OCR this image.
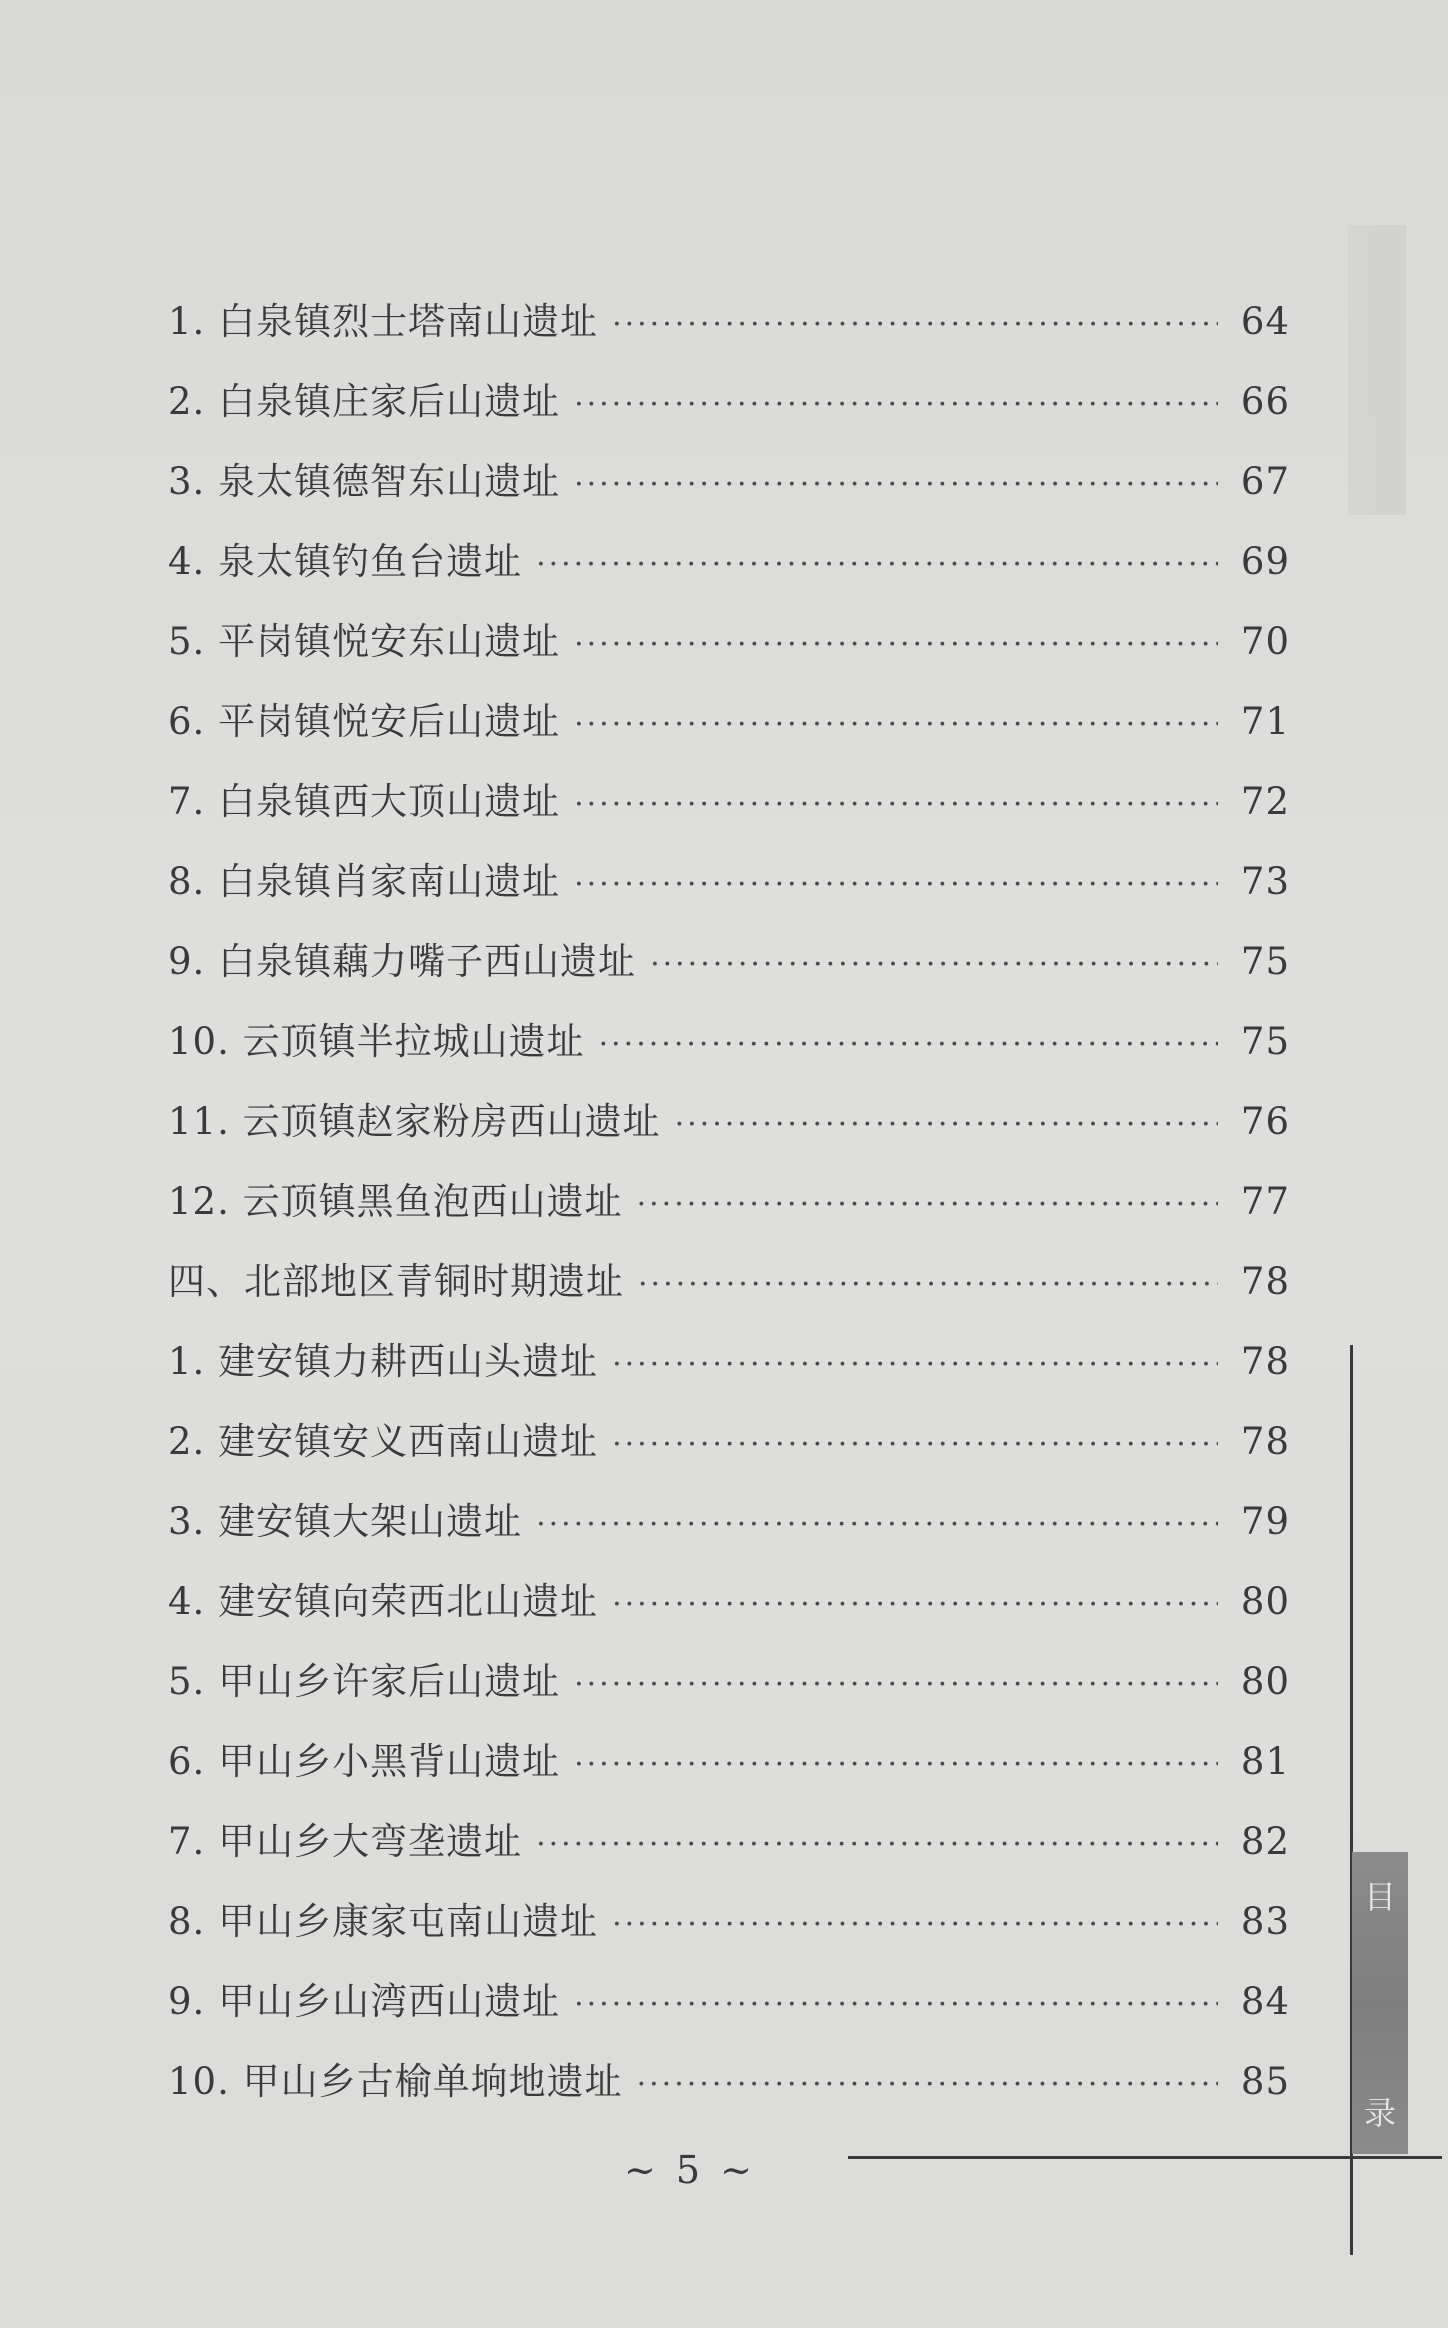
1. 白泉镇烈士塔南山遗址 ·····	64
2. 白泉镇庄家后山遗址 ·····	66
3. 泉太镇德智东山遗址 ·····	67
4. 泉太镇钓鱼台遗址 ·····	69
5. 平岗镇悦安东山遗址 ·····	70
6. 平岗镇悦安后山遗址 ·····	71
7. 白泉镇西大顶山遗址 ·····	72
8. 白泉镇肖家南山遗址 ·····	73
9. 白泉镇藕力嘴子西山遗址 ·····	75
10. 云顶镇半拉城山遗址 ·····	75
11. 云顶镇赵家粉房西山遗址 ·····	76
12. 云顶镇黑鱼泡西山遗址 ·····	77
四、北部地区青铜时期遗址 ·····	78
1. 建安镇力耕西山头遗址 ·····	78
2. 建安镇安义西南山遗址 ·····	78
3. 建安镇大架山遗址 ·····	79
4. 建安镇向荣西北山遗址 ·····	80
5. 甲山乡许家后山遗址 ·····	80
6. 甲山乡小黑背山遗址 ·····	81
7. 甲山乡大弯垄遗址 ·····	82
8. 甲山乡康家屯南山遗址 ·····	83
9. 甲山乡山湾西山遗址 ·····	84
10. 甲山乡古榆单垧地遗址 ·····	85
~ 5 ~
目
录
